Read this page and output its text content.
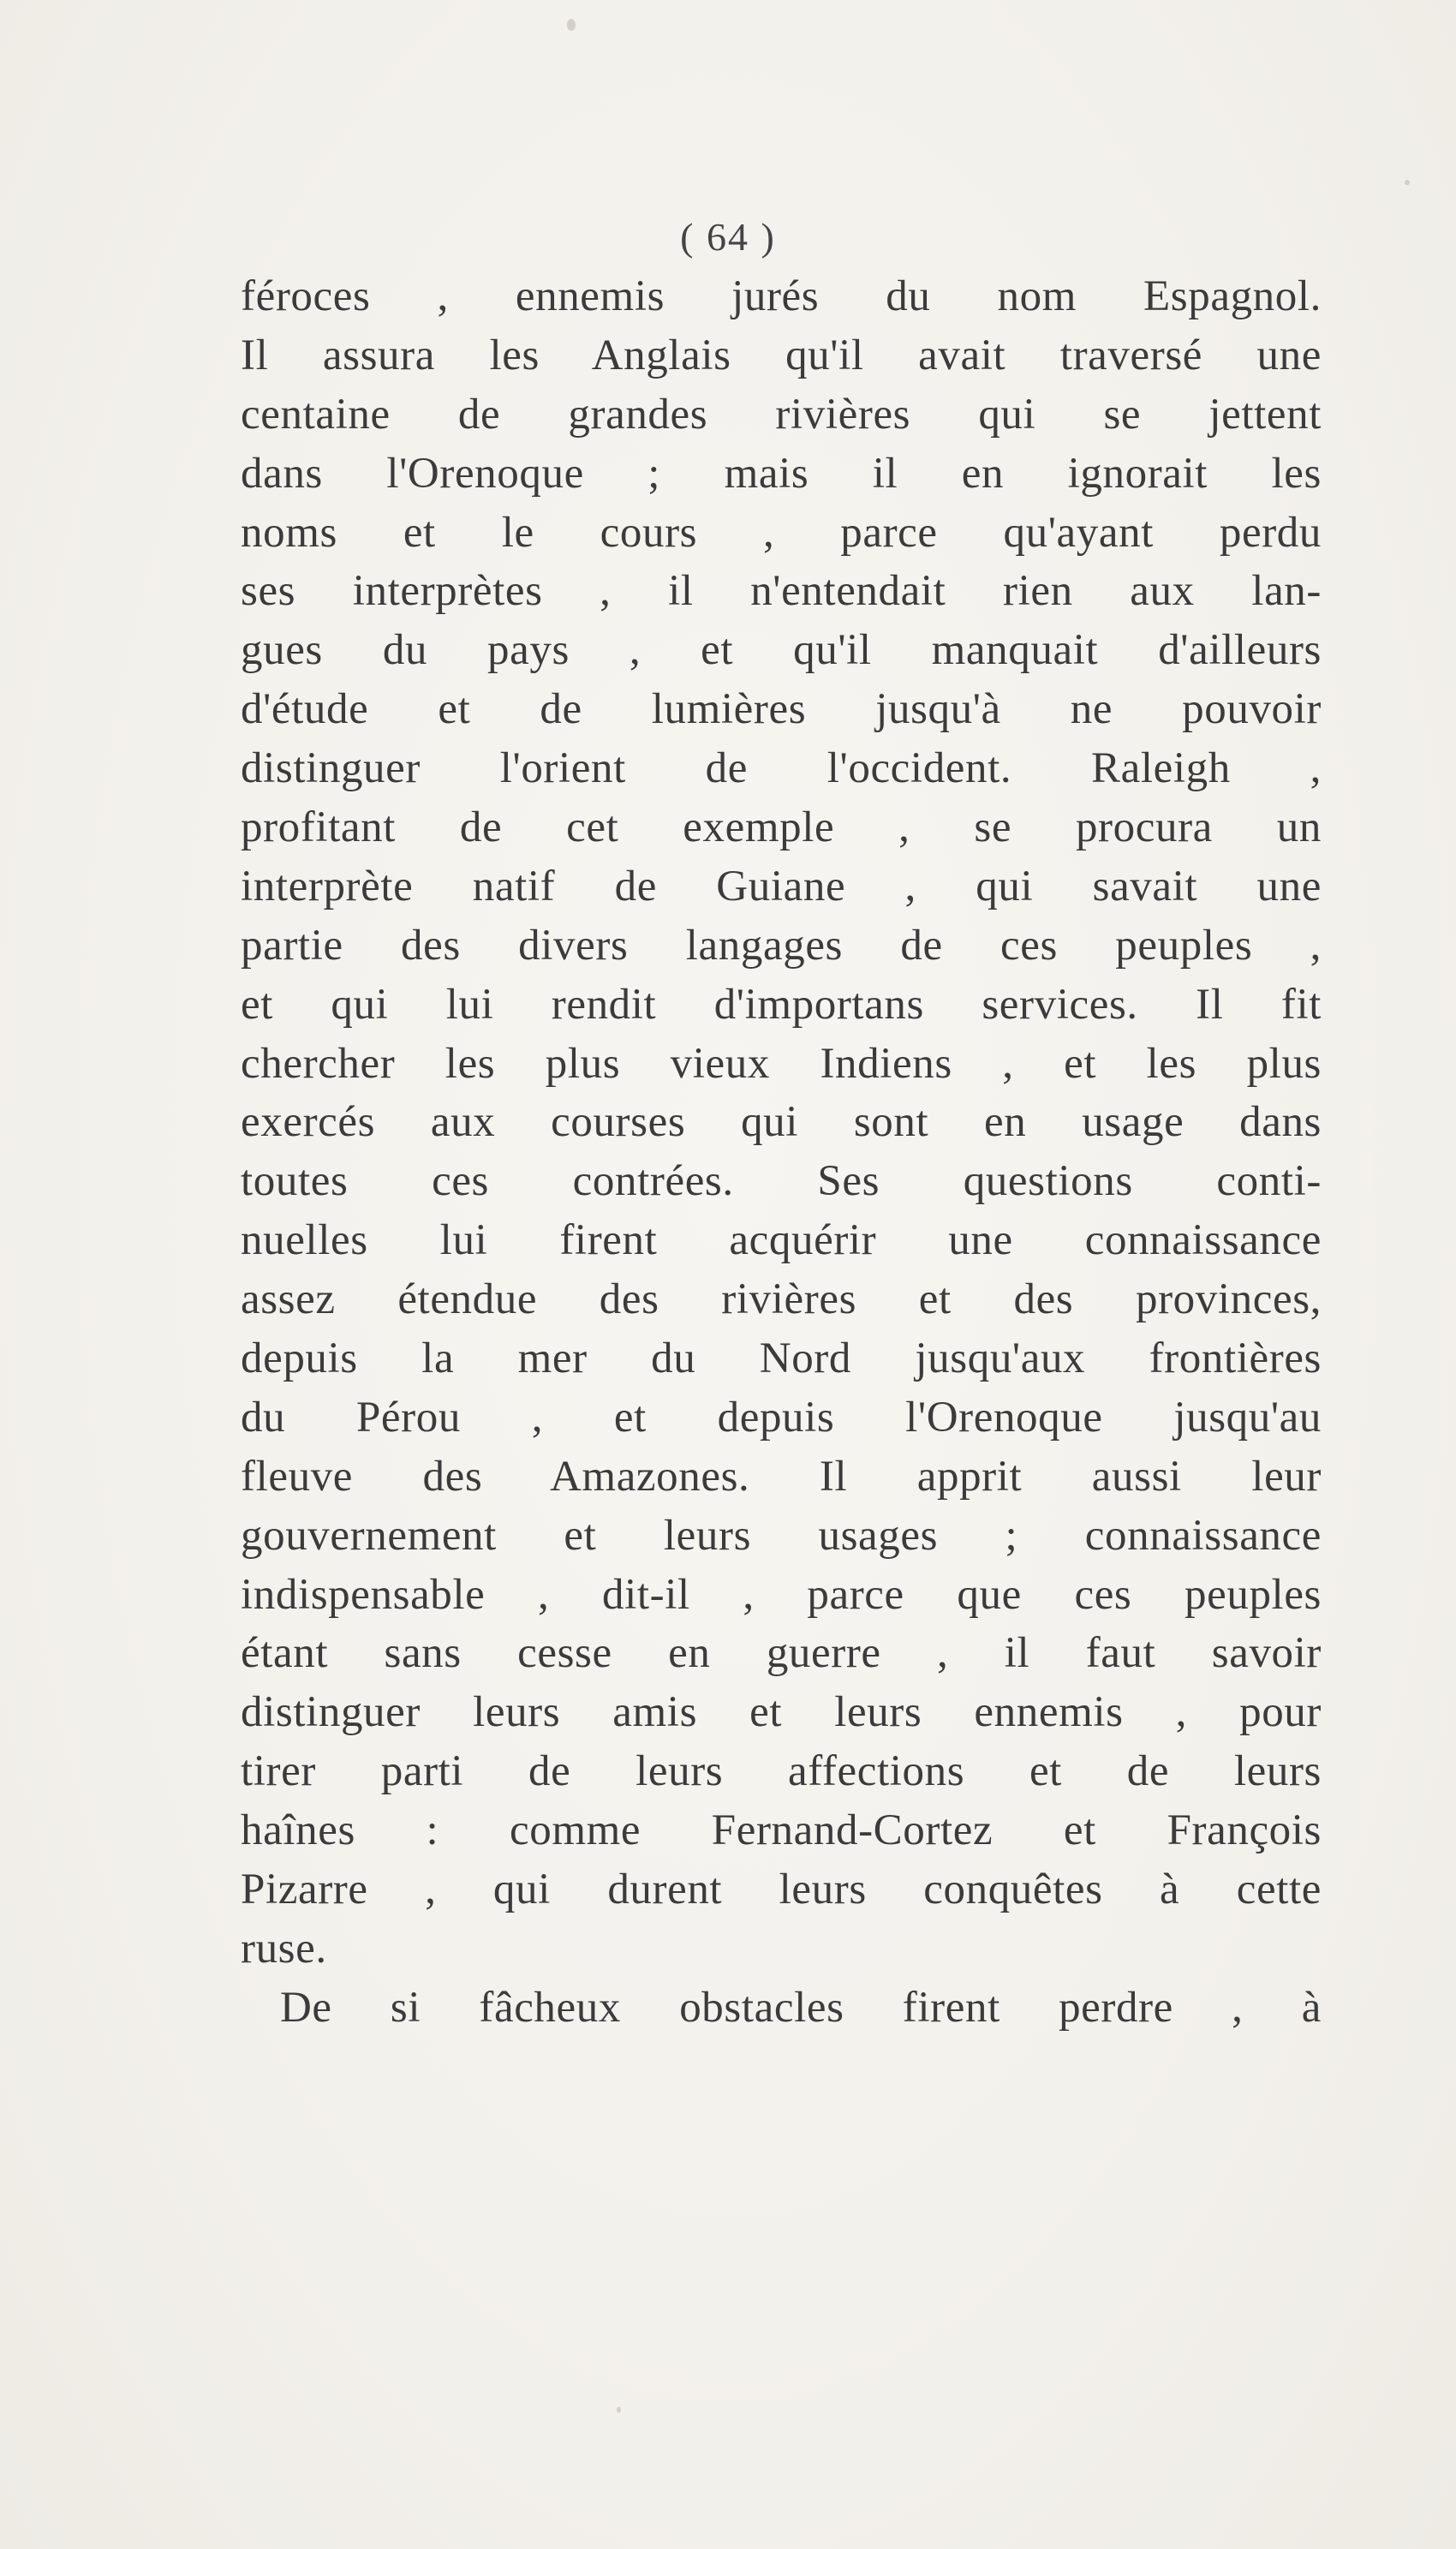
( 64 )
féroces , ennemis jurés du nom Espagnol.
Il assura les Anglais qu'il avait traversé une
centaine de grandes rivières qui se jettent
dans l'Orenoque ; mais il en ignorait les
noms et le cours , parce qu'ayant perdu
ses interprètes , il n'entendait rien aux lan-
gues du pays , et qu'il manquait d'ailleurs
d'étude et de lumières jusqu'à ne pouvoir
distinguer l'orient de l'occident. Raleigh ,
profitant de cet exemple , se procura un
interprète natif de Guiane , qui savait une
partie des divers langages de ces peuples ,
et qui lui rendit d'importans services. Il fit
chercher les plus vieux Indiens , et les plus
exercés aux courses qui sont en usage dans
toutes ces contrées. Ses questions conti-
nuelles lui firent acquérir une connaissance
assez étendue des rivières et des provinces,
depuis la mer du Nord jusqu'aux frontières
du Pérou , et depuis l'Orenoque jusqu'au
fleuve des Amazones. Il apprit aussi leur
gouvernement et leurs usages ; connaissance
indispensable , dit-il , parce que ces peuples
étant sans cesse en guerre , il faut savoir
distinguer leurs amis et leurs ennemis , pour
tirer parti de leurs affections et de leurs
haînes : comme Fernand-Cortez et François
Pizarre , qui durent leurs conquêtes à cette
ruse.
De si fâcheux obstacles firent perdre , à
